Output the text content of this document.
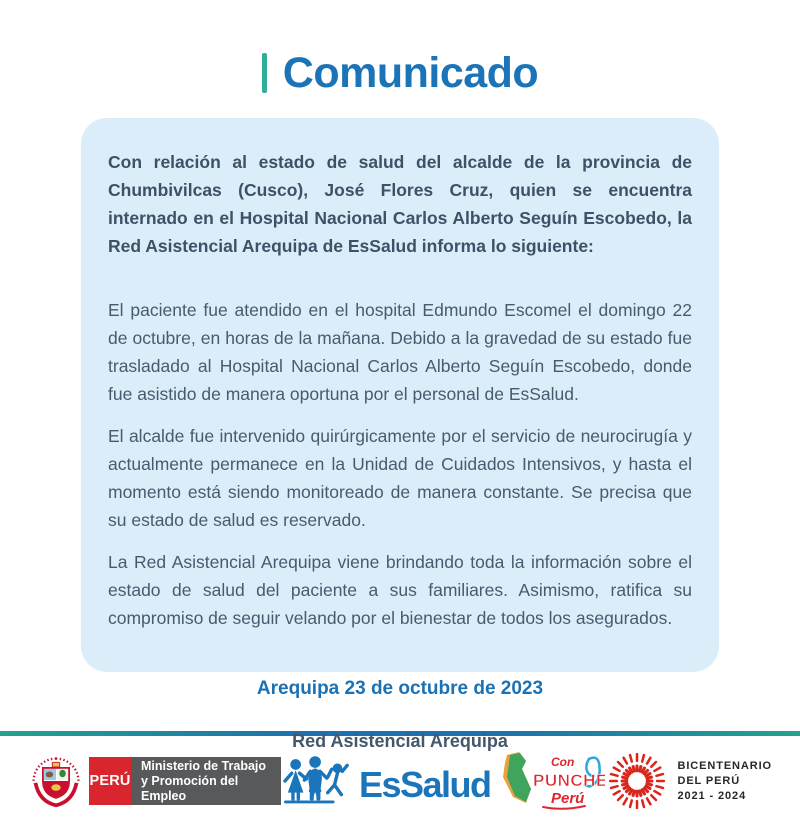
Comunicado

Con relación al estado de salud del alcalde de la provincia de Chumbivilcas (Cusco), José Flores Cruz, quien se encuentra internado en el Hospital Nacional Carlos Alberto Seguín Escobedo, la Red Asistencial Arequipa de EsSalud informa lo siguiente:

El paciente fue atendido en el hospital Edmundo Escomel el domingo 22 de octubre, en horas de la mañana. Debido a la gravedad de su estado fue trasladado al Hospital Nacional Carlos Alberto Seguín Escobedo, donde fue asistido de manera oportuna por el personal de EsSalud.

El alcalde fue intervenido quirúrgicamente por el servicio de neurocirugía y actualmente permanece en la Unidad de Cuidados Intensivos, y hasta el momento está siendo monitoreado de manera constante. Se precisa que su estado de salud es reservado.

La Red Asistencial Arequipa viene brindando toda la información sobre el estado de salud del paciente a sus familiares. Asimismo, ratifica su compromiso de seguir velando por el bienestar de todos los asegurados.

Arequipa 23 de octubre de 2023

Red Asistencial Arequipa

PERÚ
Ministerio de Trabajo
y Promoción del Empleo	EsSalud
Con
PUNCHE
Perú
BICENTENARIO
DEL PERÚ
2021 - 2024
